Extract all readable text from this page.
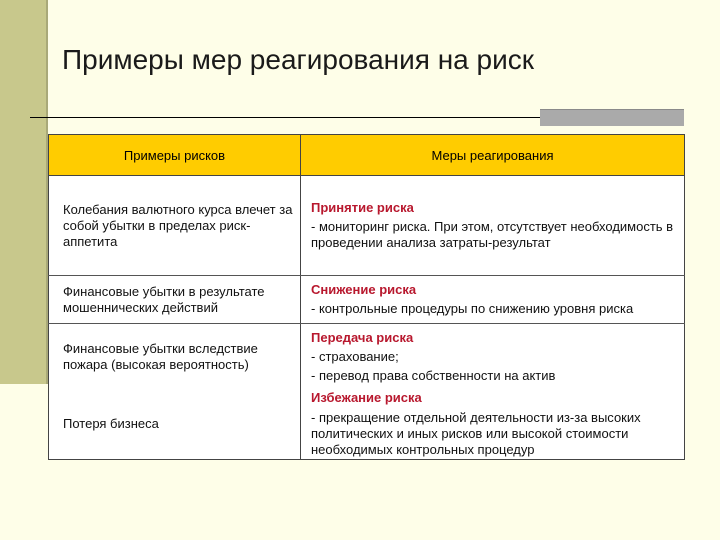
Примеры мер реагирования на риск
Примеры рисков	Меры реагирования
Колебания валютного курса влечет за собой убытки в пределах риск-аппетита	Принятие риска
- мониторинг риска. При этом, отсутствует необходимость в проведении анализа затраты-результат

Финансовые убытки в результате мошеннических действий	Снижение риска
- контрольные процедуры по снижению уровня риска

Финансовые убытки вследствие пожара (высокая вероятность)	Передача риска
- страхование;
- перевод права собственности на актив

Потеря бизнеса	Избежание риска
- прекращение отдельной деятельности из-за высоких политических и иных рисков или высокой стоимости необходимых контрольных процедур
